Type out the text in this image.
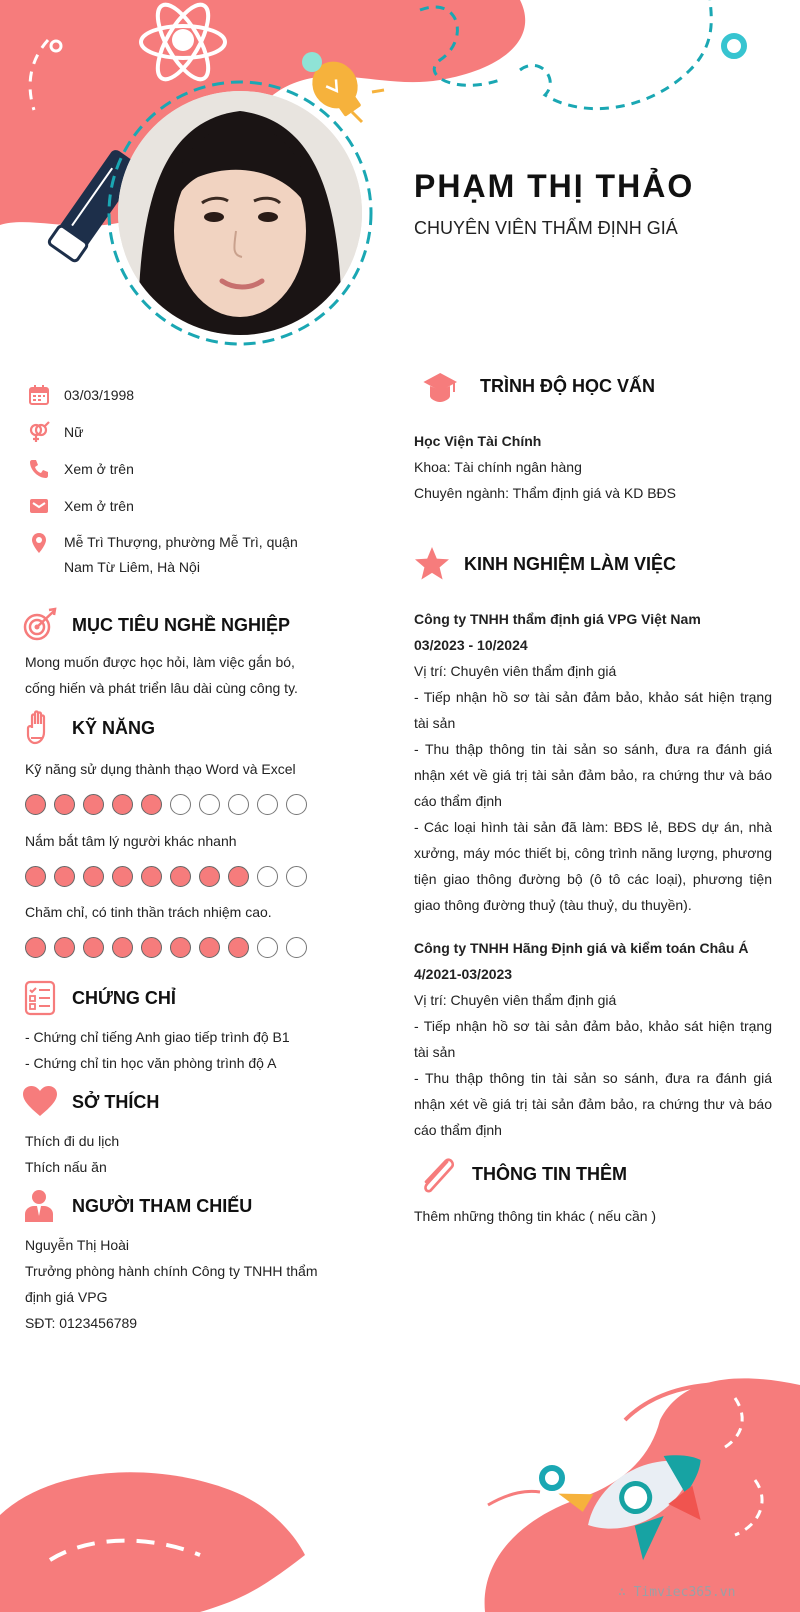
PHẠM THỊ THẢO
CHUYÊN VIÊN THẨM ĐỊNH GIÁ
03/03/1998
Nữ
Xem ở trên
Xem ở trên
Mễ Trì Thượng, phường Mễ Trì, quận
Nam Từ Liêm, Hà Nội
MỤC TIÊU NGHỀ NGHIỆP

Mong muốn được học hỏi, làm việc gắn bó,

cống hiến và phát triển lâu dài cùng công ty.

KỸ NĂNG
Kỹ năng sử dụng thành thạo Word và Excel
Nắm bắt tâm lý người khác nhanh
Chăm chỉ, có tinh thần trách nhiệm cao.
CHỨNG CHỈ

- Chứng chỉ tiếng Anh giao tiếp trình độ B1

- Chứng chỉ tin học văn phòng trình độ A

SỞ THÍCH

Thích đi du lịch

Thích nấu ăn

NGƯỜI THAM CHIẾU

Nguyễn Thị Hoài

Trưởng phòng hành chính Công ty TNHH thẩm

định giá VPG

SĐT: 0123456789

TRÌNH ĐỘ HỌC VẤN

Học Viện Tài Chính

Khoa: Tài chính ngân hàng

Chuyên ngành: Thẩm định giá và KD BĐS

KINH NGHIỆM LÀM VIỆC

Công ty TNHH thẩm định giá VPG Việt Nam

03/2023 - 10/2024

Vị trí: Chuyên viên thẩm định giá

- Tiếp nhận hồ sơ tài sản đảm bảo, khảo sát hiện trạng tài sản

- Thu thập thông tin tài sản so sánh, đưa ra đánh giá nhận xét về giá trị tài sản đảm bảo, ra chứng thư và báo cáo thẩm định

- Các loại hình tài sản đã làm: BĐS lẻ, BĐS dự án, nhà xưởng, máy móc thiết bị, công trình năng lượng, phương tiện giao thông đường bộ (ô tô các loại), phương tiện giao thông đường thuỷ (tàu thuỷ, du thuyền).

Công ty TNHH Hãng Định giá và kiểm toán Châu Á

4/2021-03/2023

Vị trí: Chuyên viên thẩm định giá

- Tiếp nhận hồ sơ tài sản đảm bảo, khảo sát hiện trạng tài sản

- Thu thập thông tin tài sản so sánh, đưa ra đánh giá nhận xét về giá trị tài sản đảm bảo, ra chứng thư và báo cáo thẩm định

THÔNG TIN THÊM
Thêm những thông tin khác ( nếu cần )
∴ Timviec365.vn
